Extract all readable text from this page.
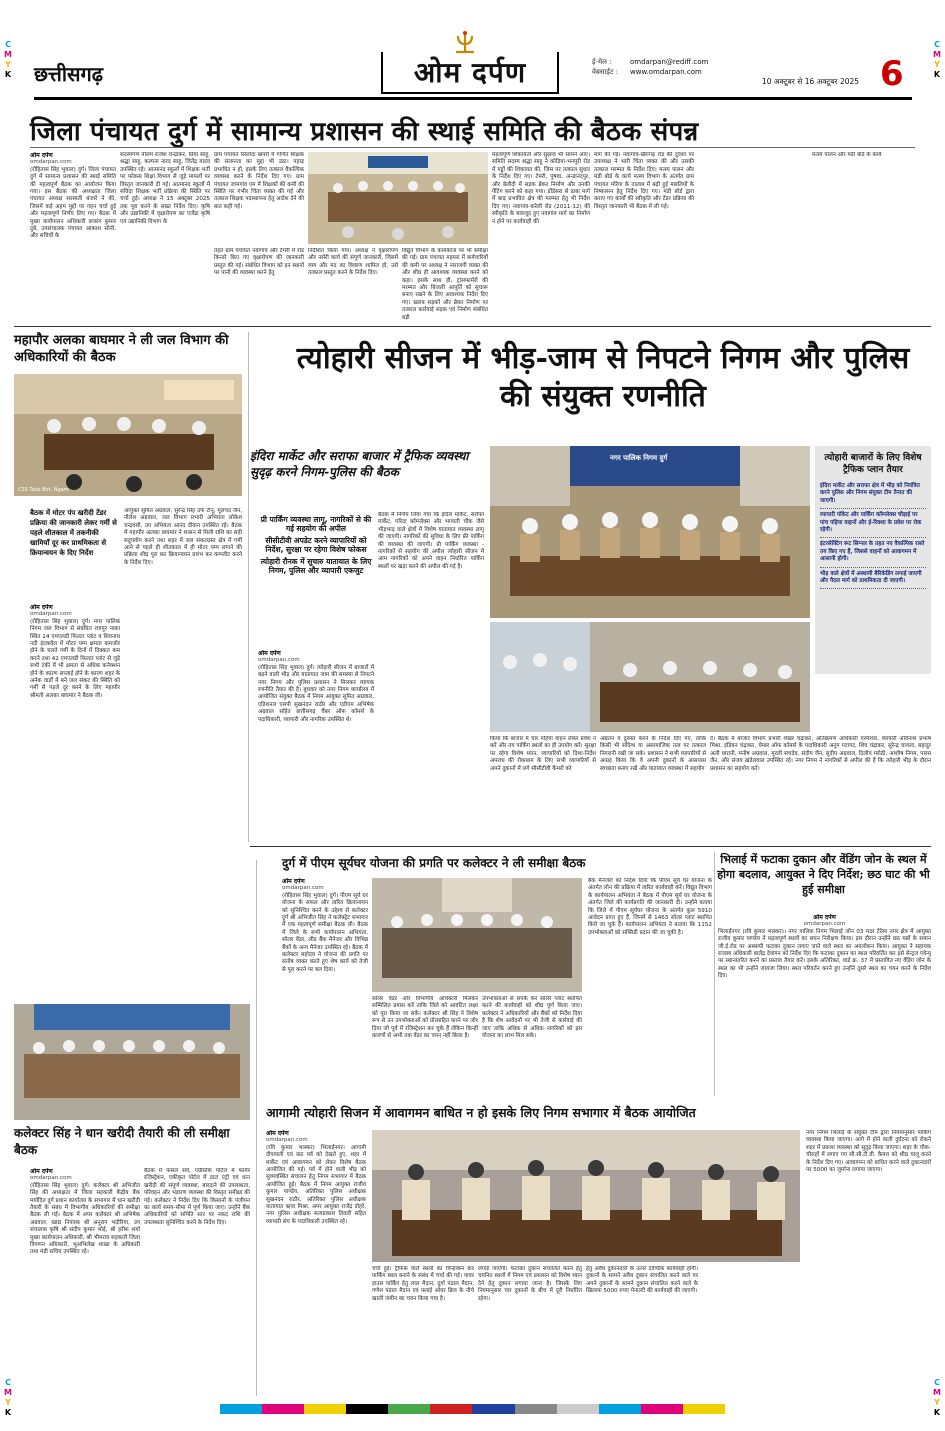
C
M
Y
K
C
M
Y
K
C
M
Y
K
C
M
Y
K
छत्तीसगढ़	ओम दर्पण	ई-मेल :	omdarpan@rediff.com
वेबसाईट : www.omdarpan.com
10 अक्टूबर से 16 अक्टूबर 2025 6
जिला पंचायत दुर्ग में सामान्य प्रशासन की स्थाई समिति की बैठक संपन्न
ओम दर्पण
omdarpan.com
(रोहितास सिंह भुवाल) दुर्ग। जिला पंचायत दुर्ग में सामान्य प्रशासन की स्थाई समिति की महत्वपूर्ण बैठक का आयोजन किया गया। इस बैठक की अध्यक्षता जिला पंचायत अध्यक्ष सरस्वती बंजारे ने की, जिसमें कई अहम मुद्दों पर गहन चर्चा हुई और महत्वपूर्ण निर्णय लिए गए। बैठक में मुख्य कार्यपालन अधिकारी बजरंग कुमार दुबे, उपसंचालक पंचायत आकाश सोनी, और सचिवों के
सदस्यगण नीलम राजेश चन्द्राकर, प्रिया साहू, श्रद्धा साहू, कल्पना नारद साहू, जितेंद्र यादव उपस्थित रहे। आत्मानंद स्कूलों में शिक्षक भर्ती पर फोकस शिक्षा विभाग से जुड़े मामलों पर विस्तृत जानकारी दी गई। आत्मानंद स्कूलों में संविदा शिक्षक भर्ती प्रक्रिया की स्थिति पर चर्चा हुई। अध्यक्ष ने 15 अक्टूबर 2025 तक पूरा करने के सख्त निर्देश दिए। कृषि और उद्यानिकी में वृक्षारोपण का एजेंडा कृषि एवं उद्यानिकी विभाग के
ग्राम पंचायत सिलोदा खपरी में गणित शिक्षक की संलग्नता का मुद्दा भी उठा। पहाड़ प्रभावित न हो, इसके लिए तत्काल वैकल्पिक व्यवस्था करने के निर्देश दिए गए। ग्राम पंचायत जामगांव एम में शिक्षकों की कमी की स्थिति पर गंभीर चिंता व्यक्त की गई और तत्काल शिक्षक पदस्थापना हेतु आदेश देने की बात कही गई।
तहत ग्राम पंचायत नवागांव और टेमरी में रोड किनारे किए गए वृक्षारोपण की जानकारी प्रस्तुत की गई। संबंधित विभाग को इन स्थानों पर पानी की व्यवस्था करने हेतु
निर्देशित किया गया। अध्यक्ष ने वृक्षारोपण और नर्सरी कार्य की संपूर्ण जानकारी, जिसमें व्यय और मद का विवरण शामिल हो, उसे तत्काल प्रस्तुत करने के निर्देश दिए।
विद्युत विभाग के कामकाज पर भी समीक्षा की गई। ग्राम पंचायत महमरा में कर्मचारियों की कमी पर अध्यक्ष ने नाराजगी व्यक्त की और शीघ्र ही आवश्यक व्यवस्था करने को कहा। इसके साथ ही, ट्रांसफार्मरों की मरम्मत और बिजली आपूर्ति को सुचारू बनाए रखने के लिए आवश्यक निर्देश दिए गए। खराब सड़कों और ब्रेकर निर्माण पर तत्काल कार्रवाई सड़क एवं निर्माण संबंधित बड़ी
महत्वपूर्ण शिकायतों और सुझाव भी सामने आए। समिति सदस्य श्रद्धा साहू ने कोडिया-भनपुरी रोड में गड्ढों की शिकायत की, जिस पर तत्काल सुधार के निर्देश दिए गए। टेमरी, पुषवा, अन्डानंदपुर, और बेलौदी में सड़क ब्रेकर निर्माण और उनकी पेंटिंग करने को कहा गया। डोंडेसरा से ढाबा मार्ग में बाढ़ प्रभावित क्षेत्र की मरम्मत हेतु भी निर्देश दिए गए। नवागांव-करेली रोड (2011-12) की स्वीकृति के बावजूद हुए नवागांव मार्ग का निर्माण न होने पर कार्यवाही की
मांग की गई। नवागांव-खैरागढ़ रोड की दुर्दशा पर उपाध्यक्ष ने भारी चिंता व्यक्त की और उसकी तत्काल मरम्मत के निर्देश दिए। मत्स्य पालन और मंडी बोर्ड के कार्य मत्स्य विभाग के अंतर्गत ग्राम पंचायत मोरेगा के तालाब में बढ़ी हुई मछलियों के निष्कासन हेतु निर्देश दिए गए। मंडी बोर्ड द्वारा कराए गए कार्यों की स्वीकृति और टेंडर प्रक्रिया की विस्तृत जानकारी भी बैठक में ली गई।
मत्स्य पालन और मंडी बोर्ड के कार्य
महापौर अलका बाघमार ने ली जल विभाग की अधिकारियों की बैठक
CSS Tabs Bot, Ngam
बैठक में मोटर पंप खरीदी टेंडर प्रक्रिया की जानकारी लेकर गर्मी से पहले शीतकाल में तकनीकी खामियाँ दूर कर प्राथमिकता से क्रियान्वयन के दिए निर्देश
ओम दर्पण
omdarpan.com
(रोहितास सिंह भुवाल) दुर्ग। नगर पालिक निगम जल विभाग से संबंधित रायपुर नाका स्थित 24 एमएलडी फिल्टर प्लांट व शिवनाथ नदी इंटकवेल में मोटर पम्प क्षमता कमजोर होने के चलते गर्मी के दिनों में दिक्कत कम करने तथा 42 एमएलडी फिल्टर प्लांट से जुड़े सभी टंकी में भी क्षमता से अधिक कनेक्शन होने के कारण सप्लाई होने के कारण शहर के अनेक वार्डों में बने जल संकट की स्थिति को गर्मी से पहले दूर करने के लिए महापौर श्रीमती अलका बाघमार ने बैठक ली।
आयुक्त सुमित अग्रवाल, सुरेन्द्र सिंह उर्फ टीनू, मूलचंद जैन, नीलेश अग्रवाल, जल विभाग प्रभारी अभियंता लोकेश चन्द्रवंशी, उप अभियंता आनंद दीवान उपस्थित रहे। बैठक में महापौर अलका बाघमार ने शासन से मिली राशि का सही सदुपयोग करने तथा शहर में जल संकटग्रस्त क्षेत्र में गर्मी आने से पहले ही शीतकाल में ही मोटर पम्प लगाने की प्रक्रिया शीघ्र पूरा कर क्रियान्वयन प्रारंभ कर कम्प्लीट करने के निर्देश दिए।
त्योहारी सीजन में भीड़-जाम से निपटने निगम और पुलिस की संयुक्त रणनीति
इंदिरा मार्केट और सराफा बाजार में ट्रैफिक व्यवस्था सुदृढ़ करने निगम-पुलिस की बैठक
प्री पार्किंग व्यवस्था लागू, नागरिकों से की गई सहयोग की अपील
सीसीटीवी अपडेट करने व्यापारियों को निर्देश, सुरक्षा पर रहेगा विशेष फोकस
त्योहारी रौनक में सुचारु यातायात के लिए निगम, पुलिस और व्यापारी एकजुट
ओम दर्पण
omdarpan.com
(रोहितास सिंह भुवाल) दुर्ग। त्योहारी सीजन में बाजारों में बढ़ने वाली भीड़ और यातायात जाम की समस्या से निपटने नगर निगम और पुलिस प्रशासन ने मिलकर व्यापक रणनीति तैयार की है। बुधवार को नगर निगम कार्यालय में आयोजित संयुक्त बैठक में निगम आयुक्त सुमित अग्रवाल, एडिशनल एसपी सुखनंदन राठौर और एडीएम अभिषेक अग्रवाल सहित छत्तीसगढ़ चैंबर ऑफ कॉमर्स के पदाधिकारी, व्यापारी और नागरिक उपस्थित थे।
बैठक में निर्णय लिया गया कि इंदिरा मार्केट, सर्राफा मार्केट, परिदा कॉम्प्लेक्स और भगवती चौक जैसे भीड़भाड़ वाले क्षेत्रों में विशेष यातायात व्यवस्था लागू की जाएगी। नागरिकों की सुविधा के लिए फ्री पार्किंग की व्यवस्था की जाएगी। प्री पार्किंग व्यवस्था - नागरिकों से सहयोग की अपील त्योहारी सीजन में आम नागरिकों को अपने वाहन निर्धारित पार्किंग स्थलों पर खड़ा करने की अपील की गई है।
नगर पालिक निगम दुर्ग
किया कि बाजार में चार पहिया वाहन लेकर प्रवेश न करें और तय पार्किंग स्थलों का ही उपयोग करें। सुरक्षा पर रहेगा विशेष ध्यान, व्यापारियों को दिशा-निर्देश अपराध की रोकथाम के लिए सभी व्यापारियों से अपने दुकानों में लगे सीसीटीवी कैमरों को
अद्यतन व दुरुस्त करने के निर्देश दिए गए, ताकि किसी भी संदिग्ध या असामाजिक तत्व पर तत्काल निगरानी रखी जा सके। प्रशासन ने सभी व्यापारियों से आग्रह किया कि वे अपनी दुकानों के आसपास स्वच्छता बनाए रखें और यातायात व्यवस्था में सहयोग
दें। बैठक में बाजार विभाग प्रभारी शेखर चंद्राकर, अतिक्रमण अधिकारी परमेश्वर, व्यापारी अविनाश प्रभाष मिश्रा, इंडियन चंद्राकर, चेम्बर ऑफ कॉमर्स के पदाधिकारी अनूप गटागट, शिव चंद्राकर, सुरेन्द्र चावला, बहादुर अली धारानी, मनीष अग्रवाल, मुरली सचदेव, संदीप जैन, सुदीप अग्रवाल, दिलीप मरोठी, आशीष निगम, पारस जैन, और संजय खंडेलवाल उपस्थित रहे। नगर निगम ने नागरिकों से अपील की है कि त्योहारी भीड़ के दौरान प्रशासन का सहयोग करें।
त्योहारी बाजारों के लिए विशेष ट्रैफिक प्लान तैयार
इंदिरा मार्केट और सराफा क्षेत्र में भीड़ को नियंत्रित करने पुलिस और निगम संयुक्त टीम तैनात की जाएगी।
व्यापारी पॉकेट और पार्किंग कॉम्प्लेक्स चौड़ाई पर पांच पहिया वाहनों और ई-रिक्शा के प्रवेश पर रोक रहेगी।
इंटरसेक्टिंग रूट सिग्नल के तहत नए वैकल्पिक रास्ते तय किए गए हैं, जिससे वाहनों को आवागमन में आसानी होगी।
भीड़ वाले क्षेत्रों में अस्थायी बैरिकेडिंग लगाई जाएगी और पैदल मार्ग को प्राथमिकता दी जाएगी।
दुर्ग में पीएम सूर्यघर योजना की प्रगति पर कलेक्टर ने ली समीक्षा बैठक
ओम दर्पण
omdarpan.com
(रोहितास सिंह भुवाल) दुर्ग। पीएम सूर्य घर योजना के सफल और त्वरित क्रियान्वयन को सुनिश्चित करने के उद्देश्य से कलेक्टर दुर्ग श्री अभिजीत सिंह ने कलेक्ट्रेट सभागार में एक महत्वपूर्ण समीक्षा बैठक ली। बैठक में जिले के सभी कार्यपालन अभियंता, सोलर वेंडर, लीड बैंक मैनेजर और विभिन्न बैंकों के अन्य मैनेजर उपस्थित रहे। बैठक में कलेक्टर महोदय ने योजना की प्रगति पर संतोष व्यक्त करते हुए शेष कार्य को तेजी से पूरा करने पर बल दिया।
सोलर वेंडर और विभागीय अधिकारी मिलकर सम्मिलित प्रयास करें ताकि जिले को आवंटित लक्ष्य को पूरा किया जा सके। कलेक्टर श्री सिंह ने विशेष रूप से उन उपभोक्ताओं को प्रोत्साहित करने पर जोर दिया जो पूर्व में रजिस्ट्रेशन कर चुके हैं लेकिन किन्हीं कारणों से अभी तक वेंडर का चयन नहीं किया है।
उपभोक्ताओं से संपर्क कर सोलर प्लांट स्थापित करने की कार्यवाही को शीघ्र पूर्ण किया जाए। कलेक्टर ने अधिकारियों और बैंकों को निर्देश दिया है कि शेष आवेदनों पर भी तेजी से कार्रवाई की जाए ताकि अधिक से अधिक नागरिकों को इस योजना का लाभ मिल सके।
बैंक मैनेजरों को निर्देश दिया कि पीएम सूर्य घर योजना के अंतर्गत लोन की प्रक्रिया में त्वरित कार्यवाही करें। विद्युत विभाग के कार्यपालन अभियंता ने बैठक में पीएम सूर्य घर योजना के अंतर्गत जिले की कार्यप्रगति की जानकारी दी। उन्होंने बताया कि जिले में पीएम सूर्यघर योजना के अंतर्गत कुल 5910 आवेदन प्राप्त हुए हैं, जिनमें से 1463 सोलर प्लांट स्थापित किये जा चुके हैं। कार्यपालन अभियंता ने बताया कि 1152 उपभोक्ताओं को सब्सिडी प्रदान की जा चुकी है।
भिलाई में फटाका दुकान और वेंडिंग जोन के स्थल में होगा बदलाव, आयुक्त ने दिए निर्देश; छठ घाट की भी हुई समीक्षा
ओम दर्पण
omdarpan.com
भिलाईनगर (रवि कुमार भास्कर)। नगर पालिक निगम भिलाई जोन 03 मदर टेरेसा नगर क्षेत्र में आयुक्त राजीव कुमार पाण्डेय ने महत्वपूर्ण स्थलों का सघन निरीक्षण किया। इस दौरान उन्होंने छठ मन्नों के समान जी.ई.रोड पर अस्थायी फटाका दुकान लगाए जाने वाले स्थल का अवलोकन किया। आयुक्त ने सहायक राजस्व अधिकारी बालेंद्र देवांगन को निर्देश दिए कि फटाका दुकान का स्थल परिवर्तित कर इसे सेन्ट्रल एवेन्यू पर स्थानांतरित करने का प्रस्ताव तैयार करें। इसके अतिरिक्त, वार्ड क्र. 37 में प्रस्तावित नए वेंडिंग जोन के स्थल का भी उन्होंने जायजा लिया। स्थल परिवर्तन करने हुए उन्होंने दूसरे स्थल का चयन करने के निर्देश दिए।
कलेक्टर सिंह ने धान खरीदी तैयारी की ली समीक्षा बैठक
ओम दर्पण
omdarpan.com
(रोहितास सिंह भुवाल) दुर्ग। कलेक्टर श्री अभिजीत सिंह की अध्यक्षता में जिला सहकारी केंद्रीय बैंक मर्यादित दुर्ग प्रधान कार्यालय के सभागार में धान खरीदी तैयारी के संबंध में विभागीय अधिकारियों की समीक्षा बैठक ली गई। बैठक में अपर कलेक्टर श्री अभिषेक अग्रवाल, खाद्य नियंत्रक श्री अनुराग भदौरिया, उप संचालक कृषि श्री संदीप कुमार भोई, श्री हरीश शर्मा मुख्य कार्यपालन अधिकारी, श्री भीमराव सहकारी जिला विपणन अधिकारी, भूअभिलेख शाखा के अधिकारी तथा मंडी सचिव उपस्थित रहे।
बैठक में फसल सर्वे, एग्रीस्टेक पोर्टल में फार्मर रजिस्ट्रेशन, एकीकृत पोर्टल में डाटा एंट्री एवं धान खरीदी की संपूर्ण व्यवस्था, बारदाने की उपलब्धता, परिवहन और भंडारण व्यवस्था की विस्तृत समीक्षा की गई। कलेक्टर ने निर्देश दिए कि किसानों के पंजीयन का कार्य समय-सीमा में पूर्ण किया जाए। उन्होंने बैंक अधिकारियों को समिति स्तर पर नकद राशि की उपलब्धता सुनिश्चित करने के निर्देश दिए।
आगामी त्योहारी सिजन में आवागमन बाधित न हो इसके लिए निगम सभागार में बैठक आयोजित
ओम दर्पण
omdarpan.com
(रवि कुमार भास्कर) भिलाईनगर। आगामी दीपावली एवं छठ पर्व को देखते हुए, शहर में मार्केट एवं आवागमन को लेकर विशेष बैठक आयोजित की गई। पर्व में होने वाली भीड़ को सुव्यवस्थित संचालन हेतु निगम सभागार में बैठक आयोजित हुई। बैठक में निगम आयुक्त राजीव कुमार पाण्डेय, अतिरिक्त पुलिस अधीक्षक सुखनंदन राठौर, अतिरिक्त पुलिस अधीक्षक यातायात ऋचा मिश्रा, अपर आयुक्त राजेंद्र दोहरे, नगर पुलिस अधीक्षक सत्यप्रकाश तिवारी सहित व्यापारी संघ के पदाधिकारी उपस्थित रहे।
चर्चा हुई। ट्रैफिक वाले स्थलों का चिन्हांकन कर पार्किंग स्थल बनाने के संबंध में चर्चा की गई। पावर हाउस पार्किंग हेतु लाल मैदान, दुर्गा पंडाल मैदान, गणेश पंडाल मैदान एवं फ्लाई ओवर ब्रिज के नीचे खाली जमीन का चयन किया गया है।
लगाई जाएगी। फटाका दुकान संचालित करने हेतु चयनित स्थलों में निगम एवं प्रशासन को विशेष ध्यान देने हेतु दुकान लगाया जाना है। जिसके लिए नियमानुसार चार दुकानों के बीच में दूरी निर्धारित रहेगा।
हेतु अवैध दुकानदारों के ऊपर दाण्डिक कार्यवाही होगी। दुकानों के सामने अवैध दुकान संचालित करने वाले पर अपने दुकानों के सामने दुकान संचालित करने वाले के खिलाफ 5000 रुपए पेनाल्टी की कार्यवाही की जाएगी।
नगर निगम भिलाई के संयुक्त टीम द्वारा नियमानुसार पार्किंग व्यवस्था किया जाएगा। आगे में होने वाली दुर्घटना को रोकने शहर में प्रकाश व्यवस्था को सुदृढ़ किया जाएगा। शहर के चौक-चौराहों में लगाए गए सी.सी.टी.वी. कैमरा को शीघ्र चालू करने के निर्देश दिए गए। आवागमन को बाधित करने वाले दुकानदारों पर 5000 का जुर्माना लगाया जाएगा।
